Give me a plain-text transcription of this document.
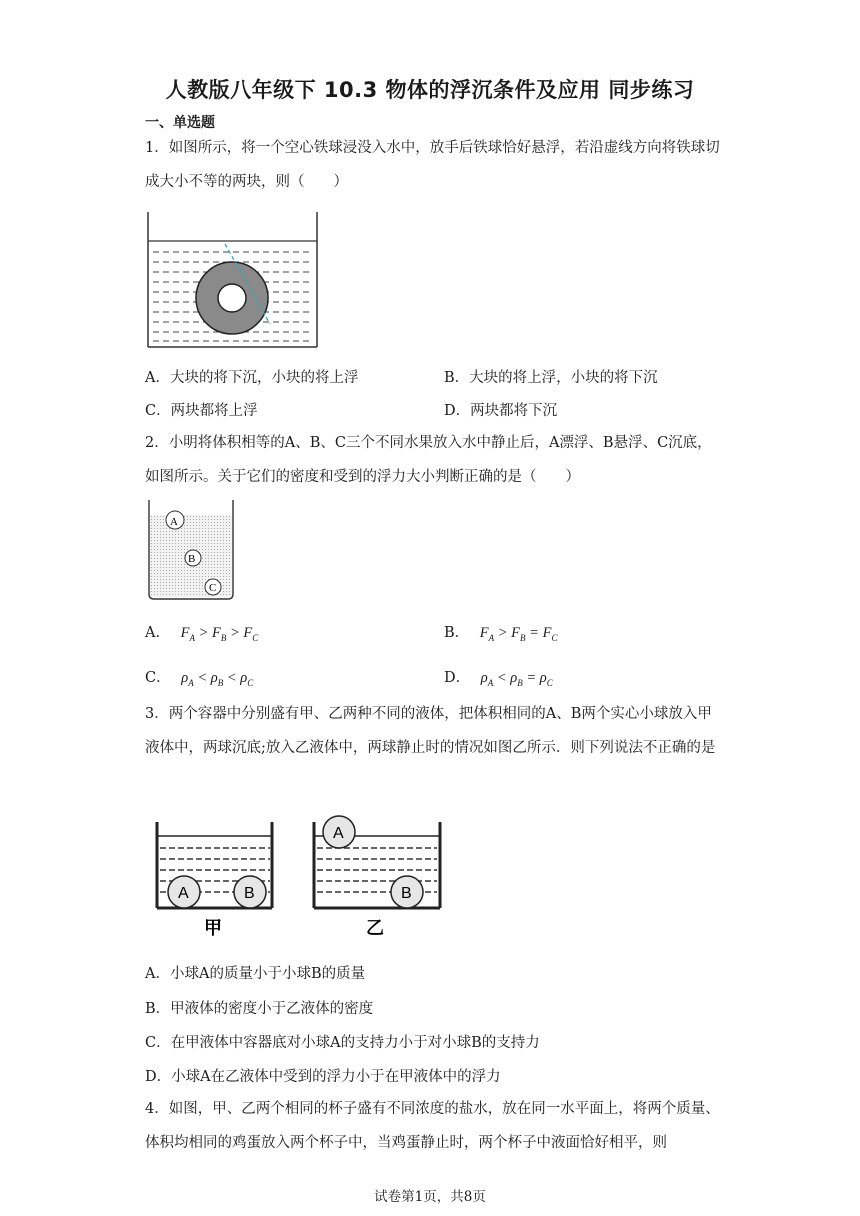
人教版八年级下 10.3 物体的浮沉条件及应用 同步练习
一、单选题
1．如图所示，将一个空心铁球浸没入水中，放手后铁球恰好悬浮，若沿虚线方向将铁球切成大小不等的两块，则（　　）
A．大块的将下沉，小块的将上浮	B．大块的将上浮，小块的将下沉
C．两块都将上浮	D．两块都将下沉
2．小明将体积相等的A、B、C三个不同水果放入水中静止后，A漂浮、B悬浮、C沉底，如图所示。关于它们的密度和受到的浮力大小判断正确的是（　　）
A
B
C
A． $F_A > F_B > F_C$	B． $F_A > F_B = F_C$
C． $\rho_A < \rho_B < \rho_C$	D． $\rho_A < \rho_B = \rho_C$
3．两个容器中分别盛有甲、乙两种不同的液体，把体积相同的A、B两个实心小球放入甲液体中，两球沉底;放入乙液体中，两球静止时的情况如图乙所示．则下列说法不正确的是
A	B
甲
A
B
乙
A．小球A的质量小于小球B的质量
B．甲液体的密度小于乙液体的密度
C．在甲液体中容器底对小球A的支持力小于对小球B的支持力
D．小球A在乙液体中受到的浮力小于在甲液体中的浮力
4．如图，甲、乙两个相同的杯子盛有不同浓度的盐水，放在同一水平面上，将两个质量、体积均相同的鸡蛋放入两个杯子中，当鸡蛋静止时，两个杯子中液面恰好相平，则
试卷第1页，共8页
